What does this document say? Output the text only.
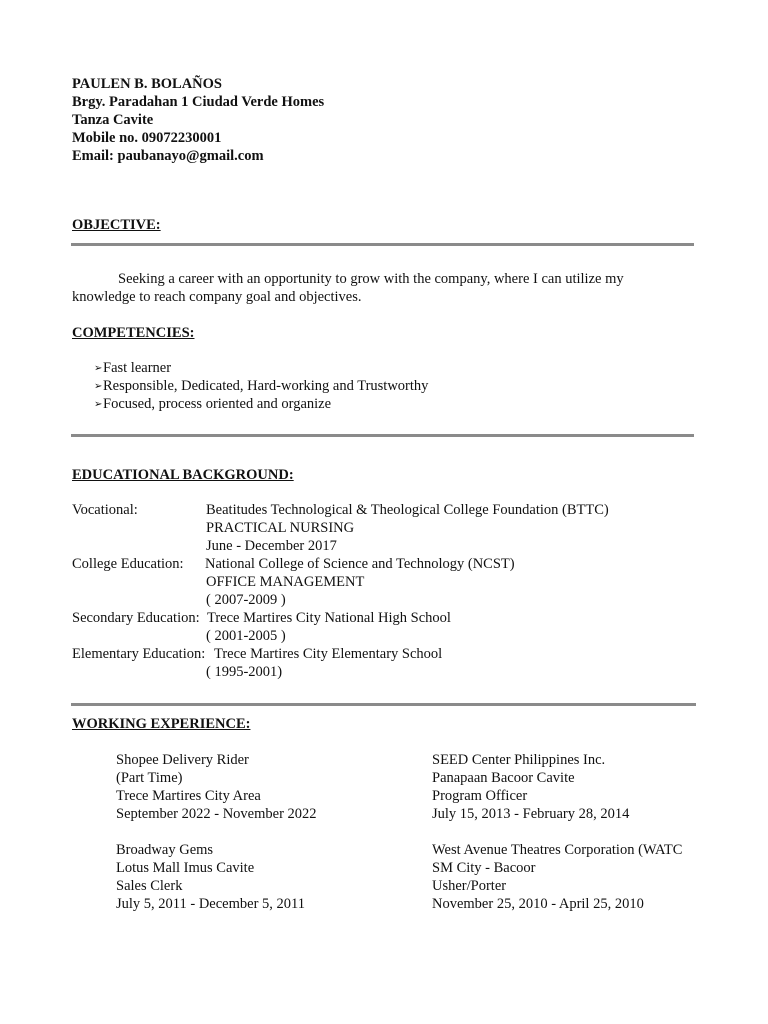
PAULEN B. BOLAÑOS
Brgy. Paradahan 1 Ciudad Verde Homes
Tanza Cavite
Mobile no. 09072230001
Email: paubanayo@gmail.com
OBJECTIVE:
Seeking a career with an opportunity to grow with the company, where I can utilize my
knowledge to reach company goal and objectives.
COMPETENCIES:
➢Fast learner
➢Responsible, Dedicated, Hard-working and Trustworthy
➢Focused, process oriented and organize
EDUCATIONAL BACKGROUND:
Vocational:	Beatitudes Technological & Theological College Foundation (BTTC)
PRACTICAL NURSING
June - December 2017
College Education: National College of Science and Technology (NCST)
OFFICE MANAGEMENT
( 2007-2009 )
Secondary Education: Trece Martires City National High School
( 2001-2005 )
Elementary Education: Trece Martires City Elementary School
( 1995-2001)
WORKING EXPERIENCE:
Shopee Delivery Rider
(Part Time)
Trece Martires City Area
September 2022 - November 2022
Broadway Gems
Lotus Mall Imus Cavite
Sales Clerk
July 5, 2011 - December 5, 2011
SEED Center Philippines Inc.
Panapaan Bacoor Cavite
Program Officer
July 15, 2013 - February 28, 2014
West Avenue Theatres Corporation (WATC
SM City - Bacoor
Usher/Porter
November 25, 2010 - April 25, 2010
